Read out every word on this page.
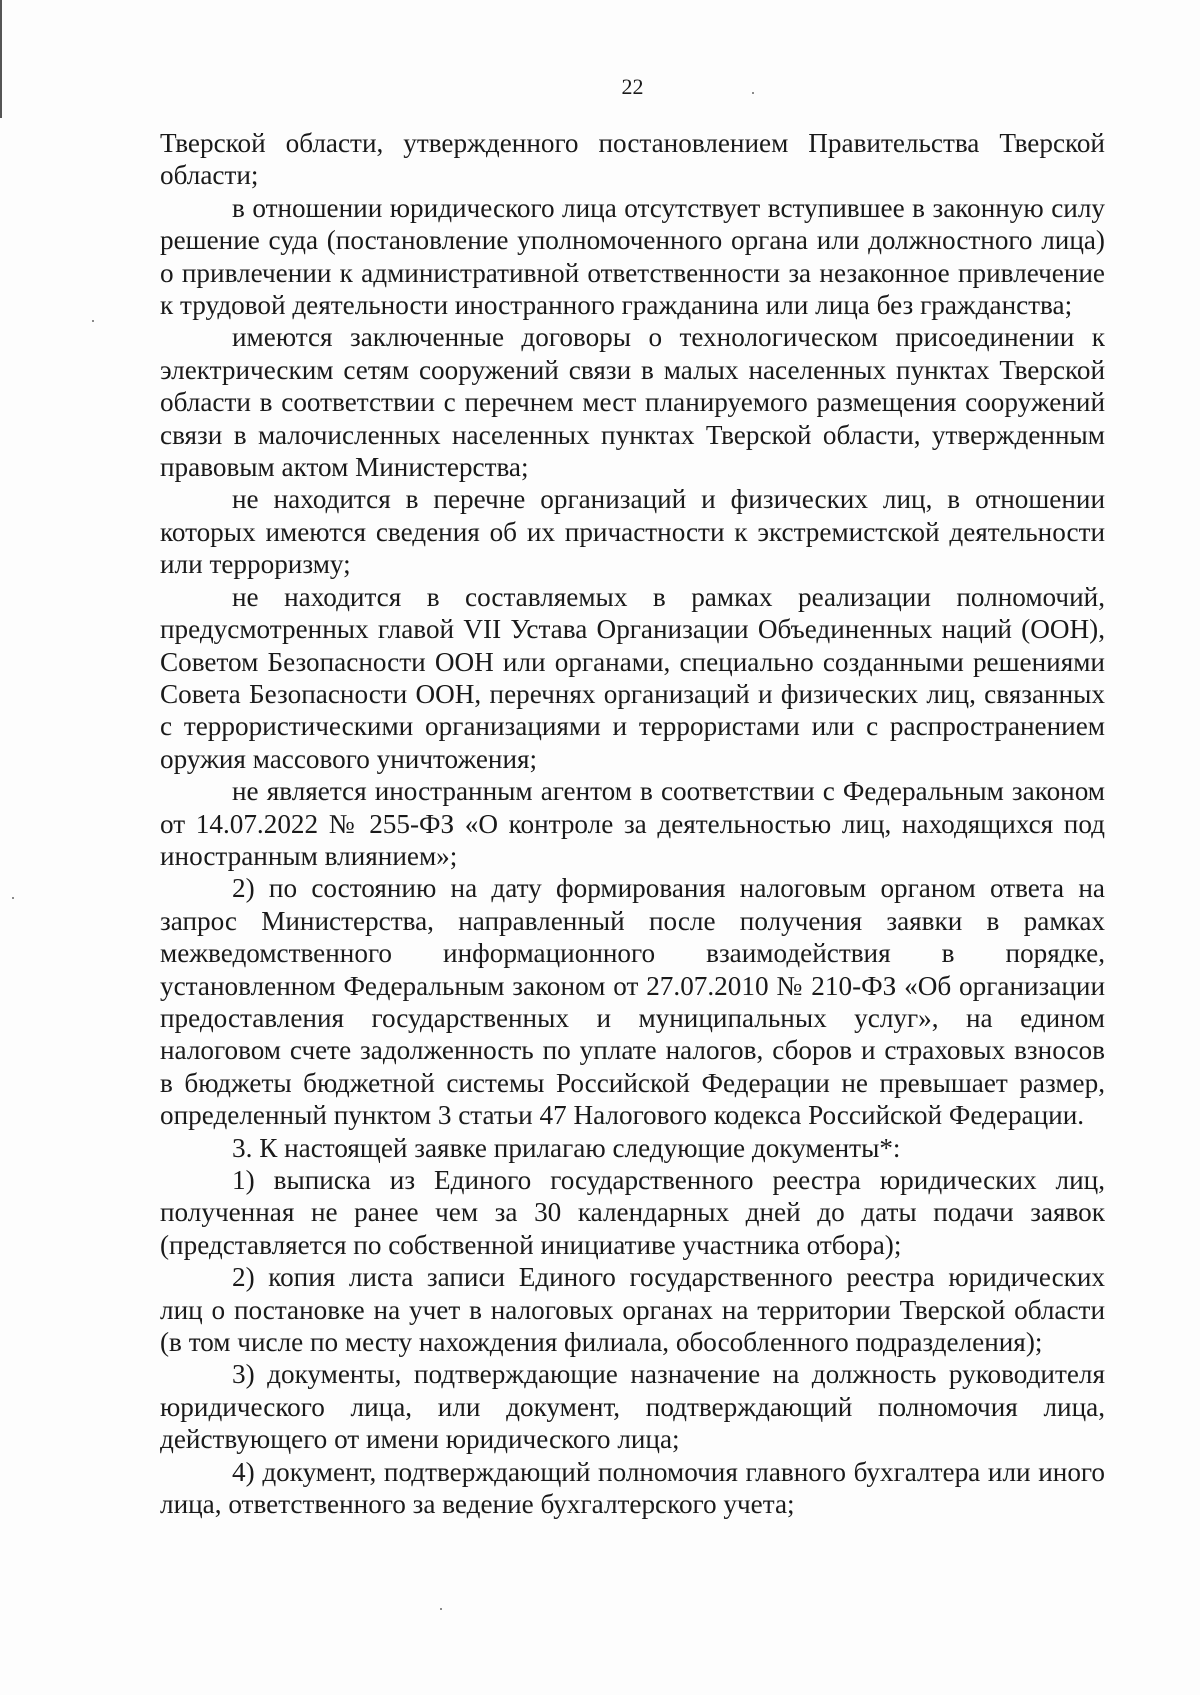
22

Тверской области, утвержденного постановлением Правительства Тверской области;

в отношении юридического лица отсутствует вступившее в законную силу решение суда (постановление уполномоченного органа или должностного лица) о привлечении к административной ответственности за незаконное привлечение к трудовой деятельности иностранного гражданина или лица без гражданства;

имеются заключенные договоры о технологическом присоединении к электрическим сетям сооружений связи в малых населенных пунктах Тверской области в соответствии с перечнем мест планируемого размещения сооружений связи в малочисленных населенных пунктах Тверской области, утвержденным правовым актом Министерства;

не находится в перечне организаций и физических лиц, в отношении которых имеются сведения об их причастности к экстремистской деятельности или терроризму;

не находится в составляемых в рамках реализации полномочий, предусмотренных главой VII Устава Организации Объединенных наций (ООН), Советом Безопасности ООН или органами, специально созданными решениями Совета Безопасности ООН, перечнях организаций и физических лиц, связанных с террористическими организациями и террористами или с распространением оружия массового уничтожения;

не является иностранным агентом в соответствии с Федеральным законом от 14.07.2022 № 255-ФЗ «О контроле за деятельностью лиц, находящихся под иностранным влиянием»;

2) по состоянию на дату формирования налоговым органом ответа на запрос Министерства, направленный после получения заявки в рамках межведомственного информационного взаимодействия в порядке, установленном Федеральным законом от 27.07.2010 № 210-ФЗ «Об организации предоставления государственных и муниципальных услуг», на едином налоговом счете задолженность по уплате налогов, сборов и страховых взносов в бюджеты бюджетной системы Российской Федерации не превышает размер, определенный пунктом 3 статьи 47 Налогового кодекса Российской Федерации.

3. К настоящей заявке прилагаю следующие документы*:

1) выписка из Единого государственного реестра юридических лиц, полученная не ранее чем за 30 календарных дней до даты подачи заявок (представляется по собственной инициативе участника отбора);

2) копия листа записи Единого государственного реестра юридических лиц о постановке на учет в налоговых органах на территории Тверской области (в том числе по месту нахождения филиала, обособленного подразделения);

3) документы, подтверждающие назначение на должность руководителя юридического лица, или документ, подтверждающий полномочия лица, действующего от имени юридического лица;

4) документ, подтверждающий полномочия главного бухгалтера или иного лица, ответственного за ведение бухгалтерского учета;
